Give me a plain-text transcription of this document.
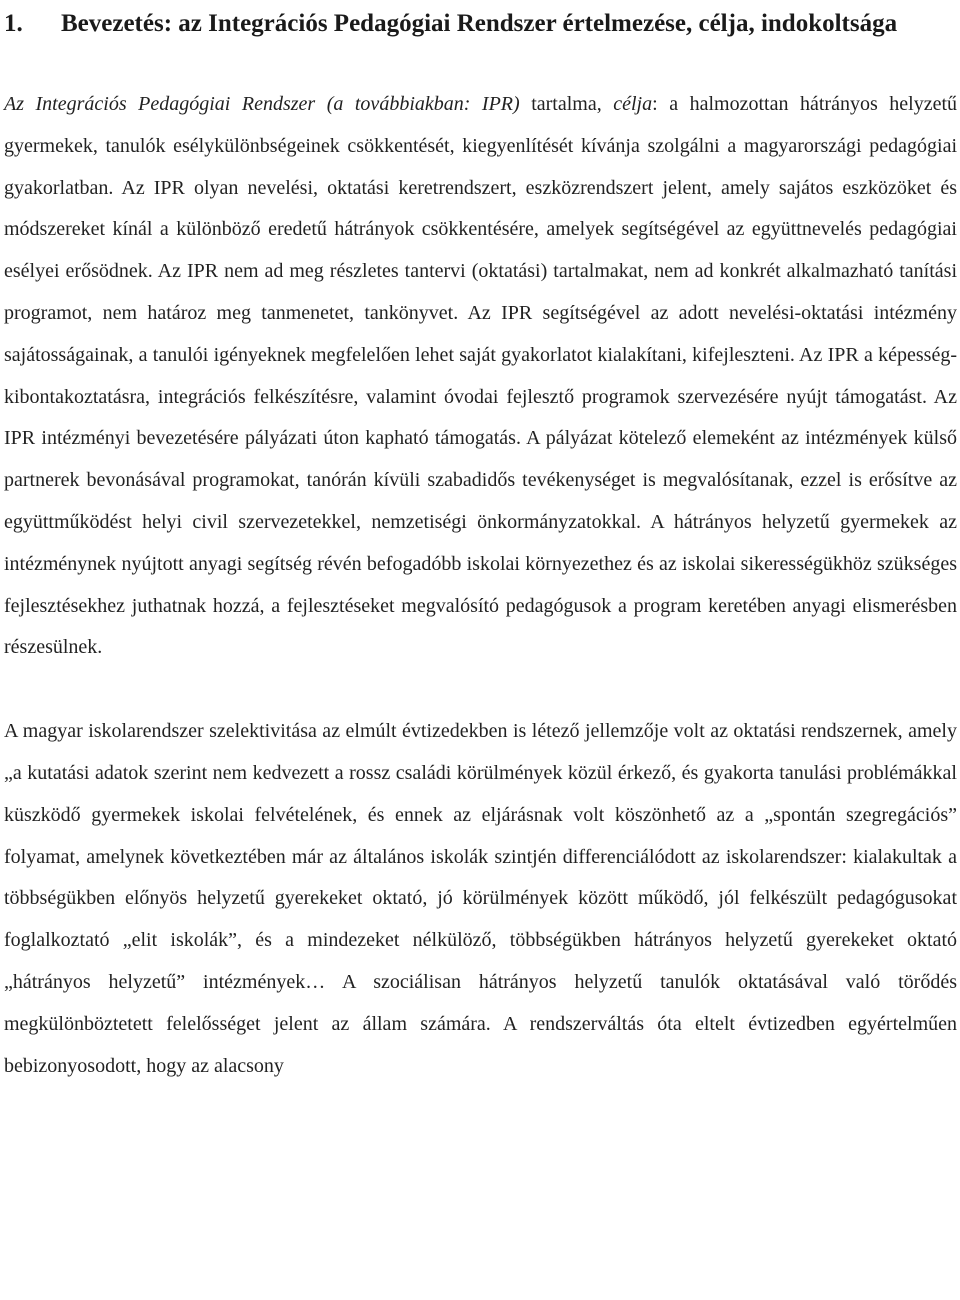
1.	Bevezetés: az Integrációs Pedagógiai Rendszer értelmezése, célja, indokoltsága

Az Integrációs Pedagógiai Rendszer (a továbbiakban: IPR) tartalma, célja: a halmozottan hátrányos helyzetű gyermekek, tanulók esélykülönbségeinek csökkentését, kiegyenlítését kívánja szolgálni a magyarországi pedagógiai gyakorlatban. Az IPR olyan nevelési, oktatási keretrendszert, eszközrendszert jelent, amely sajátos eszközöket és módszereket kínál a különböző eredetű hátrányok csökkentésére, amelyek segítségével az együttnevelés pedagógiai esélyei erősödnek. Az IPR nem ad meg részletes tantervi (oktatási) tartalmakat, nem ad konkrét alkalmazható tanítási programot, nem határoz meg tanmenetet, tankönyvet. Az IPR segítségével az adott nevelési-oktatási intézmény sajátosságainak, a tanulói igényeknek megfelelően lehet saját gyakorlatot kialakítani, kifejleszteni. Az IPR a képesség-kibontakoztatásra, integrációs felkészítésre, valamint óvodai fejlesztő programok szervezésére nyújt támogatást. Az IPR intézményi bevezetésére pályázati úton kapható támogatás. A pályázat kötelező elemeként az intézmények külső partnerek bevonásával programokat, tanórán kívüli szabadidős tevékenységet is megvalósítanak, ezzel is erősítve az együttműködést helyi civil szervezetekkel, nemzetiségi önkormányzatokkal. A hátrányos helyzetű gyermekek az intézménynek nyújtott anyagi segítség révén befogadóbb iskolai környezethez és az iskolai sikerességükhöz szükséges fejlesztésekhez juthatnak hozzá, a fejlesztéseket megvalósító pedagógusok a program keretében anyagi elismerésben részesülnek.

A magyar iskolarendszer szelektivitása az elmúlt évtizedekben is létező jellemzője volt az oktatási rendszernek, amely „a kutatási adatok szerint nem kedvezett a rossz családi körülmények közül érkező, és gyakorta tanulási problémákkal küszködő gyermekek iskolai felvételének, és ennek az eljárásnak volt köszönhető az a „spontán szegregációs” folyamat, amelynek következtében már az általános iskolák szintjén differenciálódott az iskolarendszer: kialakultak a többségükben előnyös helyzetű gyerekeket oktató, jó körülmények között működő, jól felkészült pedagógusokat foglalkoztató „elit iskolák”, és a mindezeket nélkülöző, többségükben hátrányos helyzetű gyerekeket oktató „hátrányos helyzetű” intézmények… A szociálisan hátrányos helyzetű tanulók oktatásával való törődés megkülönböztetett felelősséget jelent az állam számára. A rendszerváltás óta eltelt évtizedben egyértelműen bebizonyosodott, hogy az alacsony
